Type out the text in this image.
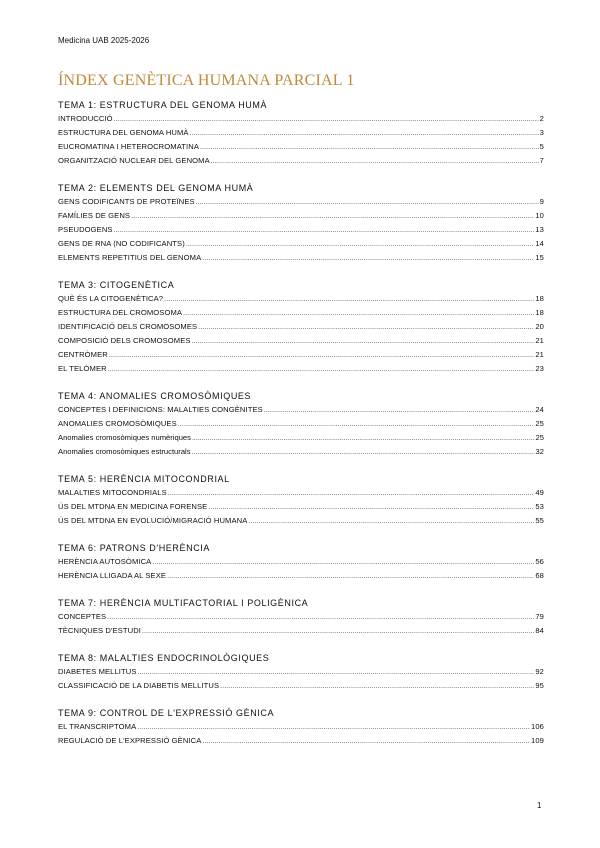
Medicina UAB 2025-2026
ÍNDEX GENÈTICA HUMANA PARCIAL 1
TEMA 1: ESTRUCTURA DEL GENOMA HUMÀ
INTRODUCCIÓ .....	2
ESTRUCTURA DEL GENOMA HUMÀ .....	3
EUCROMATINA I HETEROCROMATINA .....	5
ORGANITZACIÓ NUCLEAR DEL GENOMA .....	7
TEMA 2: ELEMENTS DEL GENOMA HUMÀ
GENS CODIFICANTS DE PROTEÏNES .....	9
FAMÍLIES DE GENS .....	10
PSEUDOGENS .....	13
GENS DE RNA (NO CODIFICANTS) .....	14
ELEMENTS REPETITIUS DEL GENOMA .....	15
TEMA 3: CITOGENÈTICA
QUÈ ÉS LA CITOGENÈTICA? .....	18
ESTRUCTURA DEL CROMOSOMA .....	18
IDENTIFICACIÓ DELS CROMOSOMES .....	20
COMPOSICIÓ DELS CROMOSOMES .....	21
CENTRÒMER .....	21
EL TELÒMER .....	23
TEMA 4: ANOMALIES CROMOSÒMIQUES
CONCEPTES I DEFINICIONS: MALALTIES CONGÈNITES .....	24
ANOMALIES CROMOSÒMIQUES .....	25
Anomalies cromosòmiques numèriques .....	25
Anomalies cromosòmiques estructurals .....	32
TEMA 5: HERÈNCIA MITOCONDRIAL
MALALTIES MITOCONDRIALS .....	49
ÚS DEL MTDNA EN MEDICINA FORENSE .....	53
ÚS DEL MTDNA EN EVOLUCIÓ/MIGRACIÓ HUMANA .....	55
TEMA 6: PATRONS D'HERÈNCIA
HERÈNCIA AUTOSÒMICA .....	56
HERÈNCIA LLIGADA AL SEXE .....	68
TEMA 7: HERÈNCIA MULTIFACTORIAL I POLIGÈNICA
CONCEPTES .....	79
TÈCNIQUES D'ESTUDI .....	84
TEMA 8: MALALTIES ENDOCRINOLÒGIQUES
DIABETES MELLITUS .....	92
CLASSIFICACIÓ DE LA DIABETIS MELLITUS .....	95
TEMA 9: CONTROL DE L'EXPRESSIÓ GÈNICA
EL TRANSCRIPTOMA .....	106
REGULACIÓ DE L'EXPRESSIÓ GÈNICA .....	109
1
